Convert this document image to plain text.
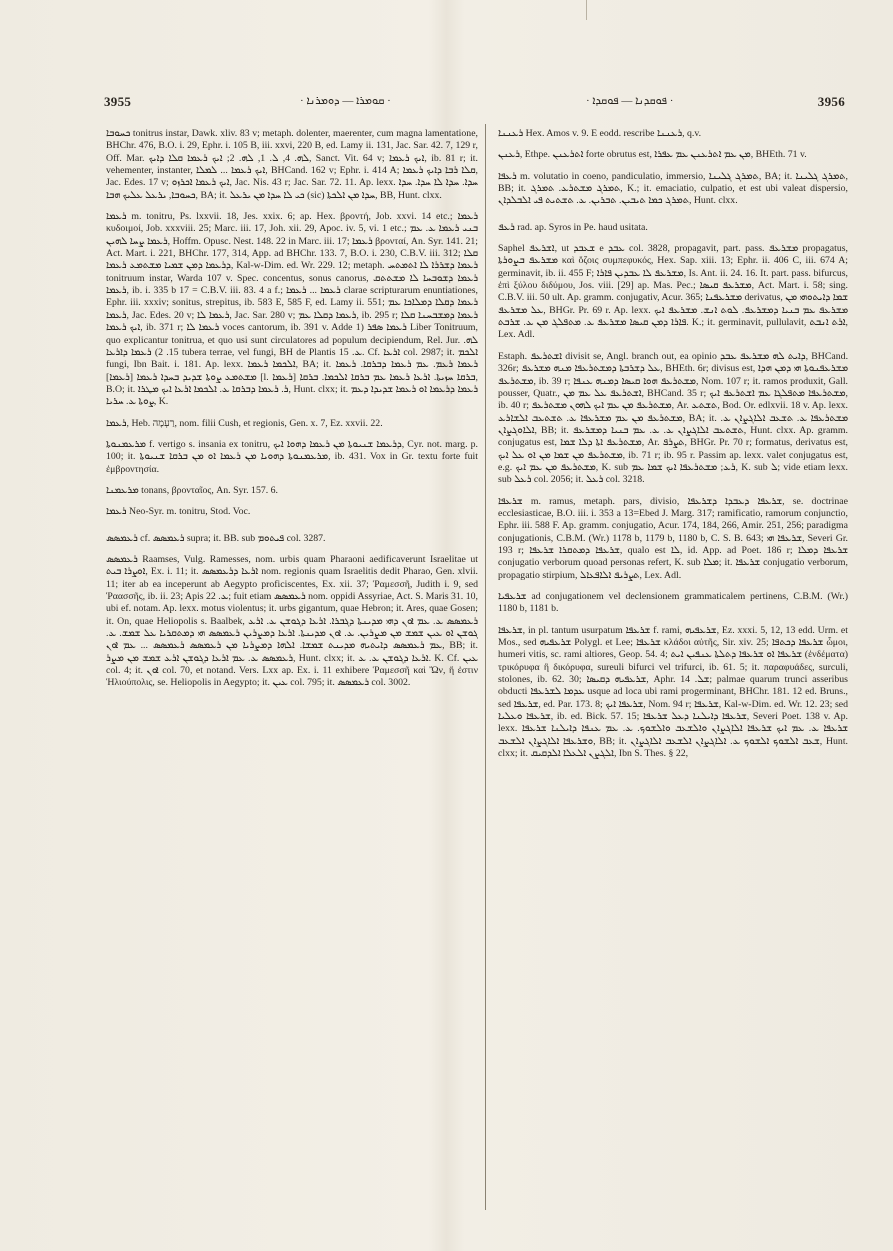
3955	· ܩܘܡܪܐ — ܕܘܡܪܢܐ ·	· ܦܘܩܕܢܐ — ܦܘܩܕܐ ·	3956

ܟܚܘܒܐ tonitrus instar, Dawk. xliv. 83 v; metaph. dolenter, maerenter, cum magna lamentatione, BHChr. 476, B.O. i. 29, Ephr. i. 105 B, iii. xxvi, 220 B, ed. Lamy ii. 131, Jac. Sar. 42. 7, 129 r, Off. Mar. ܠܗ. 4, ܠ. 1, ܠܗ. 2; ܐܝܟ ܪܥܡܐ ܩܠܐ ܕܐܝܟ, Sanct. Vit. 64 v; ܐܝܟ ܪܥܡܐ, ib. 81 r; it. vehementer, instanter, ܐܝܟ ܪܥܡܐ ... ܠܡܠܐ, BHCand. 162 v; Ephr. i. 414 A; ܩܠܐ ܪܒܐ ܕܐܝܟ ܪܥܡܐ, Jac. Edes. 17 v; ܐܝܟ ܪܥܡܐ ܐܟܪܙܘ, Jac. Nis. 43 r; Jac. Sar. 72. 11. Ap. lexx. ܚܕܐ. ܚܕܐ ܠܐ ܚܕܐ. ܚܕܐ ܟܚܘܒܐ, ܝܪܥܠ ܥܠܝܟ ܗܒܐ, BA; it. ܟܝ ܠܐ ܚܕܐ ܡܢ ܝܪܥܠ (sic) ܚܕܐ ܡܢ ܐܠܟܬܐ, BB, Hunt. clxx.

ܪܥܡܐ m. tonitru, Ps. lxxvii. 18, Jes. xxix. 6; ap. Hex. βροντή, Job. xxvi. 14 etc.; ܪܥܡܐ κυδοιμοί, Job. xxxviii. 25; Marc. iii. 17, Joh. xii. 29, Apoc. iv. 5, vi. 1 etc.; ܒܢܝ ܪܥܡܐ ܥ. ܥܡ ܪܥܡܐ ܨܚܐ ܠܗܝܢ, Hoffm. Opusc. Nest. 148. 22 in Marc. iii. 17; ܪܥܡܐ βρονταί, An. Syr. 141. 21; Act. Mart. i. 221, BHChr. 177, 314, App. ad BHChr. 133. 7, B.O. i. 230, C.B.V. iii. 312; ܩܠܐ ܕܪܥܡܐ ܕܡܢ ܫܡܝܐ ܡܫܬܡܥ ܪܥܡܐ, Kal-w-Dim. ed. Wr. 229. 12; metaph. ܪܥܡܐ ܕܫܪܪܐ ܠܐ ܐܬܡܬܚ tonitruum instar, Warda 107 v. Spec. concentus, sonus canorus, ܪܥܡܐ ܕܫܘܒܚܐ ܠܐ ܡܫܬܬܩ ܪܥܡܐ, ib. i. 335 b 17 = C.B.V. iii. 83. 4 a f.; ܪܥܡܐ ... ܪܥܡܐ clarae scripturarum enuntiationes, Ephr. iii. xxxiv; sonitus, strepitus, ib. 583 E, 585 F, ed. Lamy ii. 551; ܪܥܡܐ ܕܩܠܐ ܕܡܠܐܟܐ ܥܡ ܪܥܡܐ, Jac. Edes. 20 v; ܪܥܡܐ ܠܐ, Jac. Sar. 280 v; ܪܥܡܐ ܕܩܠܐ ܥܡ, ib. 295 r; ܪܥܡܐ ܕܡܫܒܚܢܐ ܩܠܐ ܐܝܟ ܪܥܡܐ, ib. 371 r; ܪܥܡܐ ܠܐ voces cantorum, ib. 391 v. Adde 1) ܪܥܡܐ ܣܦܪ Liber Tonitruum, quo explicantur tonitrua, et quo usi sunt circulatores ad populum decipiendum, Rel. Jur. ܠܗ. 15. 2) ܪܥܡܐ ܕܐܪܥܐ tubera terrae, vel fungi, BH de Plantis ܥ. 15. Cf. ܐܪܥܐ col. 2987; it. ܐܠܟܡ fungi, Ibn Bait. i. 181. Ap. lexx. ܐܠܟܡܐ ܪܥܡܐ, BA; it. ܪܥܡܐ ܪܥܡ. ܥܡ ܪܥܡܐ ܕܒܪܩܐ. ܪܥܡܐ ܡܫܬܡܥ ܨܘܬܐ ܫܕܝܕ ܒܚܕܐ ܪܥܡܐ [ܪܥܡܐ] [l. ܪܥܡܐ] ܒܪܩܐ ܚܙܝܬܐ. ܐܪܥܐ ܪܥܡܐ ܥܡ ܒܪܩܐ ܐܠܟܡܐ. ܒܪܩܐ, B.O; it. ܪ. ܪܥܡܐ ܕܒܪܩܐ ܥ. ܐܠܟܡܐ ܐܪܥܐ ܐܝܟ ܡܛܪܐ, Hunt. clxx; it. ܪܥܡܐ ܕܪܥܡܐ ܐܘ ܪܥܡܐ ܫܕܝܕܐ ܕܥܡ ܨܘܬܐ ܥ. ܚܪܝܐ, K.

ܪܥܡܐ, Heb. רַעְמָה, nom. filii Cush, et regionis, Gen. x. 7, Ez. xxvii. 22.

ܡܪܥܡܢܘܬܐ f. vertigo s. insania ex tonitru, ܕܪܥܡܐ ܫܢܝܘܬܐ ܡܢ ܪܥܡܐ ܕܗܘܐ ܐܝܟ, Cyr. not. marg. p. 100; it. ܡܪܥܡܢܘܬܐ ܕܗܘܝܐ ܡܢ ܪܥܡܐ ܐܘ ܡܢ ܒܪܩܐ ܫܢܝܘܬܐ, ib. 431. Vox in Gr. textu forte fuit ἐμβροντησία.

ܡܪܥܡܢܐ tonans, βρονταῖος, An. Syr. 157. 6.

ܪܥܡܐ Neo-Syr. m. tonitru, Stod. Voc.

ܪܥܡܣܣ cf. ܪܥܡܣܣ supra; it. BB. sub ܦܝܬܘܡ col. 3287.

ܪܥܡܣܣ Raamses, Vulg. Ramesses, nom. urbis quam Pharaoni aedificaverunt Israelitae ut ܐܘܨܪܐ ܒܝܬ, Ex. i. 11; it. ܐܪܥܐ ܕܪܥܡܣܣ nom. regionis quam Israelitis dedit Pharao, Gen. xlvii. 11; iter ab ea inceperunt ab Aegypto proficiscentes, Ex. xii. 37; Ῥαμεσσῆ, Judith i. 9, sed Ῥαασσῆς, ib. ii. 23; Apis ܥ. 22; fuit etiam ܪܥܡܣܣ nom. oppidi Assyriae, Act. S. Maris 31. 10, ubi ef. notam. Ap. lexx. motus violentus; it. urbs gigantum, quae Hebron; it. Ares, quae Gosen; it. On, quae Heliopolis s. Baalbek, ܪܥܡܣܣ ܥ. ܥܡ ܐܘܢ ܕܗܝ ܡܕܝܢܬܐ ܕܓܒܪܐ. ܐܪܥܐ ܕܓܘܫܢ ܥ. ܐܪܥ ܓܘܫܢ ܐܘ ܥܝܢ ܫܡܫ ܡܢ ܡܨܪܝܢ. ܥ. ܐܘܢ ܡܕܝܢܬܐ. ܐܪܥܐ ܕܡܨܪܝܢ ܪܥܡܣܣ ܗܝ ܕܡܬܩܪܝܐ ܥܠ ܫܡܫ. ܥ. ܥܡ ܪܥܡܣܣ ܕܐܝܬܝܗ ܡܕܝܢܬ ܫܡܫܐ. ܐܠܗܐ ܕܡܨܪܝܐ ܡܢ ܪܥܡܣܣ ܪܥܡܣܣ ... ܥܡ ܐܘܢ, BB; it. ܪܥܡܣܣ ܥ. ܥܡ ܐܪܥܐ ܕܓܘܫܢ ܐܪܥ ܫܡܫ ܡܢ ܡܨܪ, Hunt. clxx; it. ܐܪܥܐ ܕܓܘܫܢ ܥ. ܥ. K. Cf. ܥܝܢ col. 4; it. ܐܘܢ col. 70, et notand. Vers. Lxx ap. Ex. i. 11 exhibere Ῥαμεσσῆ καὶ Ὤν, ἥ ἐστιν Ἡλιούπολις, se. Heliopolis in Aegypto; it. ܥܝܢ col. 795; it. ܪܥܡܣܣ col. 3002.

ܪܥܢܢܐ Hex. Amos v. 9. E eodd. rescribe ܪܥܢܢܐ, q.v.

ܪܥܢܢ, Ethpe. ܐܬܪܥܢܢ forte obrutus est, ܡܢ ܥܡ ܐܬܪܥܢܢ ܥܡ ܥܦܪܐ, BHEth. 71 v.

ܪܥܦܐ m. volutatio in coeno, pandiculatio, immersio, ܬܡܪܓ ܓܠܝܢܐ, BA; it. ܬܡܪܓ ܓܠܝܢܐ, BB; it. ܬܡܪܓ ܡܫܬܪܥ. ܬܡܪܓ, K.; it. emaciatio, culpatio, et est ubi valeat dispersio, ܬܡܪܓ ܟܡܐ ܬܝܒܝܢ. ܬܒܪܝܢ. ܥ. ܬܫܬܝܬ ܦܝ ܐܠܒܠܕܐܢ, Hunt. clxx.

ܪܥܦ rad. ap. Syros in Pe. haud usitata.

Saphel ܐܫܪܥܦ, ut ܫܥܒܕ e ܥܒܕ col. 3828, propagavit, part. pass. ܡܫܪܥܦ propagatus, ܡܫܪܥܦ ܒܨܘܪܬܐ καὶ ὄζοις συμπεφυκός, Hex. Sap. xiii. 13; Ephr. ii. 406 C, iii. 674 A; germinavit, ib. ii. 455 F; ܡܫܪܥܦ ܠܐ ܥܒܕܝܢ ܦܐܪܐ, Is. Ant. ii. 24. 16. It. part. pass. bifurcus, ἐπὶ ξύλου διδύμου, Jos. viii. [29] ap. Mas. Pec.; ܡܫܪܥܦ ܩܝܣܐ, Act. Mart. i. 58; sing. C.B.V. iii. 50 ult. Ap. gramm. conjugativ, Acur. 365; ܡܫܪܥܦܢܐ derivatus, ܫܡܐ ܕܐܝܬܘܗܝ ܡܢ ܥܠ ܡܫܪܥܦ, BHGr. Pr. 69 r. Ap. lexx. ܡܫܪܥܦ ܥܡ ܒܢܝܐ ܕܡܫܪܥܦ. ܠܘܬ ܐܢܫ. ܡܫܪܥܦ ܐܝܟ ܦܐܪܐ ܕܡܢ ܩܝܣܐ ܡܫܪܥܦ ܥ. ܡܬܦܠܓ ܡܢ ܥ. ܫܪܒܬ. K.; it. germinavit, pullulavit, ܐܪܬ ܐܢܒܬ, Lex. Adl.

Estaph. ܐܫܬܪܥܦ divisit se, Angl. branch out, ea opinio ܕܐܝܬ ܠܗ ܡܫܪܥܦ ܥܒܕ, BHCand. 326r; ܥܠ ܕܫܪܒܬܐ ܕܡܫܬܪܥܦܐ ܡܢܗ ܡܫܪܥܦ, BHEth. 6r; divisus est, ܡܫܪܥܦܢܘܬܐ ܗܝ ܕܡܢ ܗܕܐ ܡܫܬܪܥܦ, ib. 39 r; ܡܫܬܪܥܦ ܗܘܐ ܩܝܣܐ ܕܡܢܗ ܥܢܦܐ, Nom. 107 r; it. ramos produxit, Gall. pousser, Quatr., ܐܫܬܪܥܦ ܥܠ ܥܡ ܡܢ, BHCand. 35 r; ܡܫܬܪܥܦܐ ܡܬܦܠܓܐ ܥܡ ܐܫܬܪܥܦ ܐܝܟ, ib. 40 r; ܡܫܬܪܥܦ ܡܢ ܥܡ ܐܝܟ ܠܗܘܢ ܡܫܬܪܥܦ, Ar. ܬܫܬܥ, Bod. Or. edlxvii. 18 v. Ap. lexx. ܡܫܬܪܥܦ ܡܢ ܥܡ ܡܫܪܥܦܐ ܥ. ܬܫܬܥܒ ܐܠܫܐܪܥ, BA; it. ܡܫܬܪܥܦܐ ܥ. ܬܫܥܒ ܐܠܐܓܨܐܢ ܥ. ܐܠܐܘܓܨܐܢ, BB; it. ܬܫܬܥܒ ܐܠܐܓܨܐܢ ܥ. ܥ. ܥܡ ܒܢܝܐ ܕܡܫܪܥܦ, Hunt. clxx. Ap. gramm. conjugatus est, ܡܫܬܪܥܦ ܐܬܐ ܕܠܐ ܫܡܐ, Ar. ܬܨܪܦ, BHGr. Pr. 70 r; formatus, derivatus est, ܡܫܬܪܥܦ ܡܢ ܫܡܐ ܡܢ ܐܘ ܥܠ ܐܝܟ, ib. 71 r; ib. 95 r. Passim ap. lexx. valet conjugatus est, e.g. ܡܫܬܪܥܦ ܡܢ ܥܡ ܐܝܟ, K. sub ܪܥ; ܡܫܬܪܥܦܐ ܐܝܟ ܫܡܐ ܥܡ, K. sub ܠ; vide etiam lexx. sub ܪܥܠ col. 2056; it. ܪܥܠ col. 3218.

ܫܪܥܦܐ m. ramus, metaph. pars, divisio, ܫܪܥܦܐ ܕܥܒܕܐ ܕܫܪܥܦܐ, se. doctrinae ecclesiasticae, B.O. iii. i. 353 a 13=Ebed J. Marg. 317; ramificatio, ramorum conjunctio, Ephr. iii. 588 F. Ap. gramm. conjugatio, Acur. 174, 184, 266, Amir. 251, 256; paradigma conjugationis, C.B.M. (Wr.) 1178 b, 1179 b, 1180 b, C. S. B. 643; ܫܪܥܦܐ ܗܝ, Severi Gr. 193 r; ܫܪܥܦܐ ܕܡܬܩܪܐ ܫܪܥܦܐ, qualo est ܠܐ, id. App. ad Poet. 186 r; ܫܪܥܦܐ ܕܡܠܐ conjugatio verborum quoad personas refert, K. sub ܡܠܐ; it. ܫܪܥܦܐ conjugatio verborum, propagatio stirpium, ܬܨܪܝܦ ܐܠܐܦܥܐܠ, Lex. Adl.

ܫܪܥܦܝܐ ad conjugationem vel declensionem grammaticalem pertinens, C.B.M. (Wr.) 1180 b, 1181 b.

ܫܪܥܦܐ, in pl. tantum usurpatum ܫܪܥܦܐ f. rami, ܫܪܥܦܝܗ, Ez. xxxi. 5, 12, 13 edd. Urm. et Mos., sed ܫܪܥܦܝܗ Polygl. et Lee; ܫܪܥܦܐ κλάδοι αὐτῆς, Sir. xiv. 25; ܫܪܥܦܐ ܕܟܬܦܐ ὦμοι, humeri vitis, sc. rami altiores, Geop. 54. 4; ܫܪܥܦܐ ܐܘ ܫܪܥܦܐ ܕܬܠܬܐ ܥܢܦܝܢ ܐܝܬ (ἐνδέματα) τρικόρυφα ἢ δικόρυφα, sureuli bifurci vel trifurci, ib. 61. 5; it. παραφυάδες, surculi, stolones, ib. 62. 30; ܫܪܥܦܝܗ ܕܩܝܣܐ, Aphr. ܫܠ. 14; palmae quarum trunci asseribus obducti ܥܕܡܐ ܠܫܪܥܦܐ usque ad loca ubi rami progerminant, BHChr. 181. 12 ed. Bruns., sed ܫܪܥܦܐ, ed. Par. 173. 8; ܫܪܥܦܐ ܐܝܟ, Nom. 94 r; ܫܪܥܦܐ, Kal-w-Dim. ed. Wr. 12. 23; sed ܫܪܥܦܐ ܘܥܠܝܐ, ib. ed. Bick. 57. 15; ܫܪܥܦܐ ܕܐܝܠܢܐ ܕܥܠ ܫܪܥܦܐ, Severi Poet. 138 v. Ap. lexx. ܫܪܥܦܐ ܥ. ܥܡ ܐܝܟ ܫܪܥܦܐ ܐܠܐܓܨܐܢ ܘܐܠܫܥܒ ܘܐܠܫܘܟ. ܥ. ܥܡ ܥܢܦܐ ܕܐܝܠܢܐ ܫܪܥܦܐ ܘܫܪܥܦܐ ܐܠܐܓܨܐܢ ܐܠܫܥܒ, BB; it. ܫܥܒ ܐܠܫܘܟ ܐܠܫܘܟ ܥ. ܐܠܐܓܨܐܢ ܐܠܫܥܒ ܐܠܐܓܨܐܢ, Hunt. clxx; it. ܐܠܓܨܢ ܐܠܥܠܐ ܐܠܕܩܝܩ, Ibn S. Thes. § 22,
